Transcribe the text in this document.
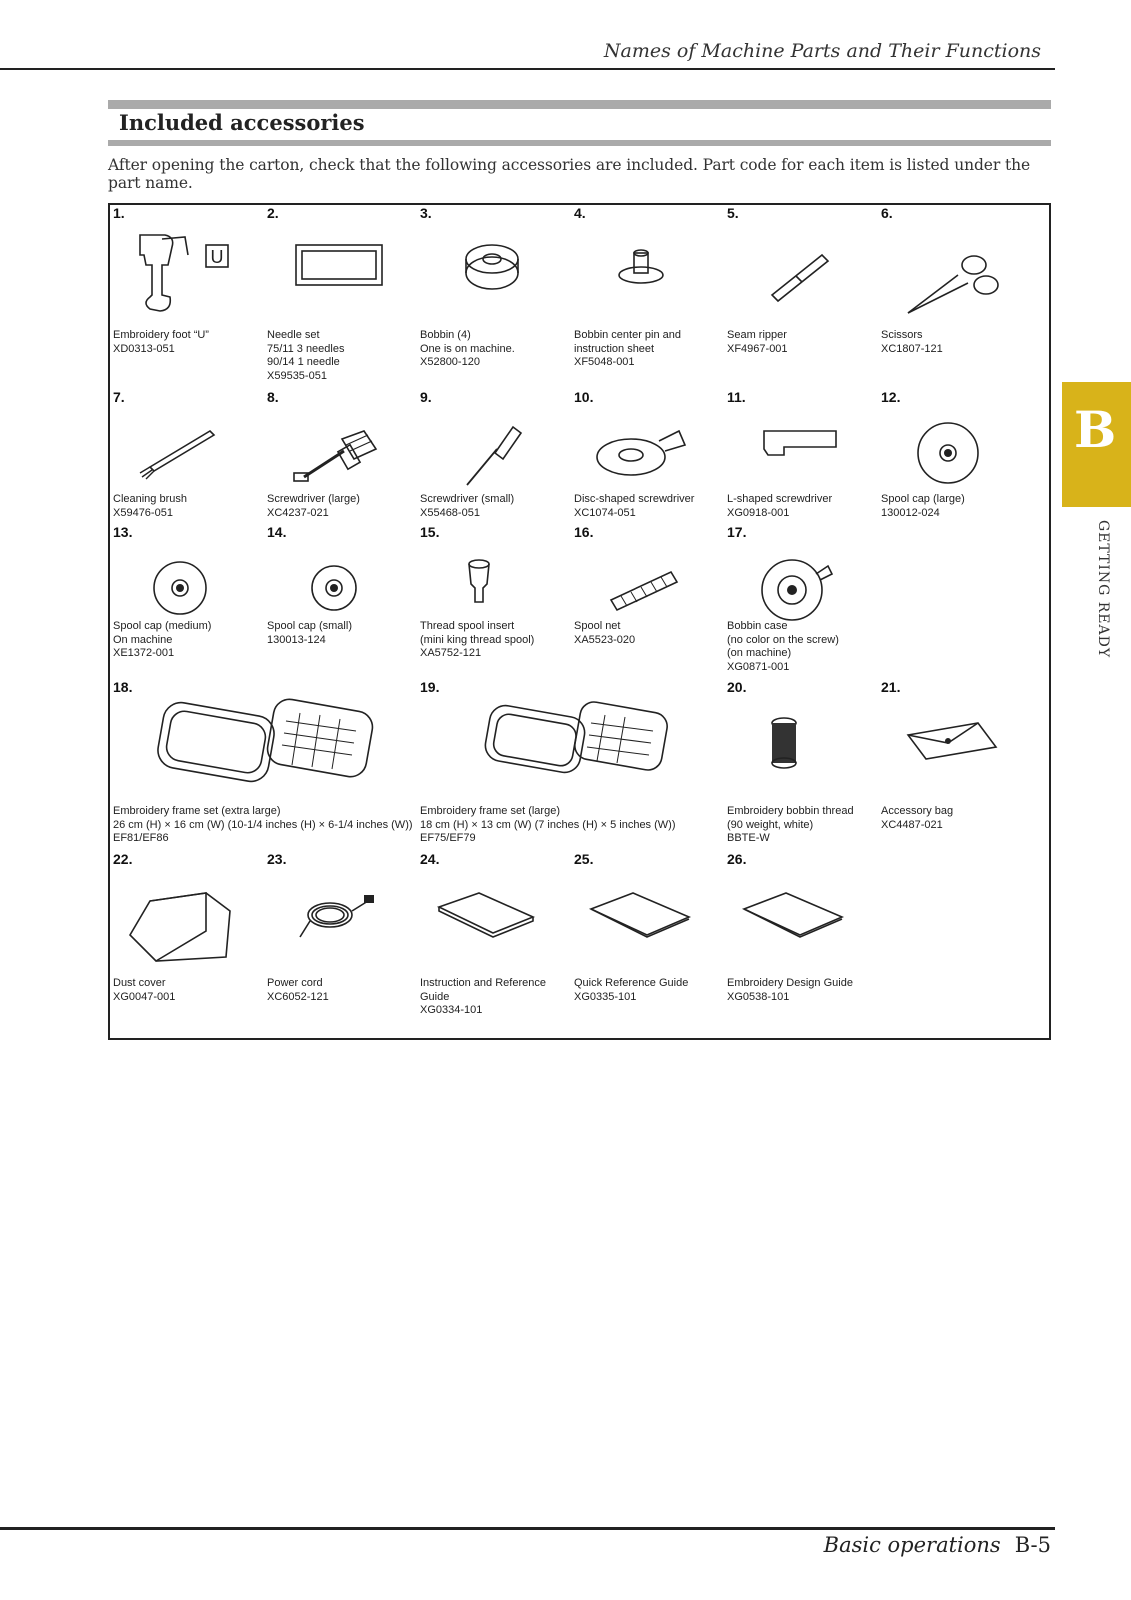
Names of Machine Parts and Their Functions
Included accessories
After opening the carton, check that the following accessories are included. Part code for each item is listed under the part name.
1.
U
Embroidery foot “U”
XD0313-051
2.
Needle set
75/11 3 needles
90/14 1 needle
X59535-051
3.
Bobbin (4)
One is on machine.
X52800-120
4.
Bobbin center pin and
instruction sheet
XF5048-001
5.
Seam ripper
XF4967-001
6.
Scissors
XC1807-121
7.
Cleaning brush
X59476-051
8.
Screwdriver (large)
XC4237-021
9.
Screwdriver (small)
X55468-051
10.
Disc-shaped screwdriver
XC1074-051
11.
L-shaped screwdriver
XG0918-001
12.
Spool cap (large)
130012-024
13.
Spool cap (medium)
On machine
XE1372-001
14.
Spool cap (small)
130013-124
15.
Thread spool insert
(mini king thread spool)
XA5752-121
16.
Spool net
XA5523-020
17.
Bobbin case
(no color on the screw)
(on machine)
XG0871-001
18.
Embroidery frame set (extra large)
26 cm (H) × 16 cm (W) (10-1/4 inches (H) × 6-1/4 inches (W))
EF81/EF86
19.
Embroidery frame set (large)
18 cm (H) × 13 cm (W) (7 inches (H) × 5 inches (W))
EF75/EF79
20.
Embroidery bobbin thread
(90 weight, white)
BBTE-W
21.
Accessory bag
XC4487-021
22.
Dust cover
XG0047-001
23.
Power cord
XC6052-121
24.
Instruction and Reference
Guide
XG0334-101
25.
Quick Reference Guide
XG0335-101
26.
Embroidery Design Guide
XG0538-101
B
GETTING READY
Basic operations B-5
